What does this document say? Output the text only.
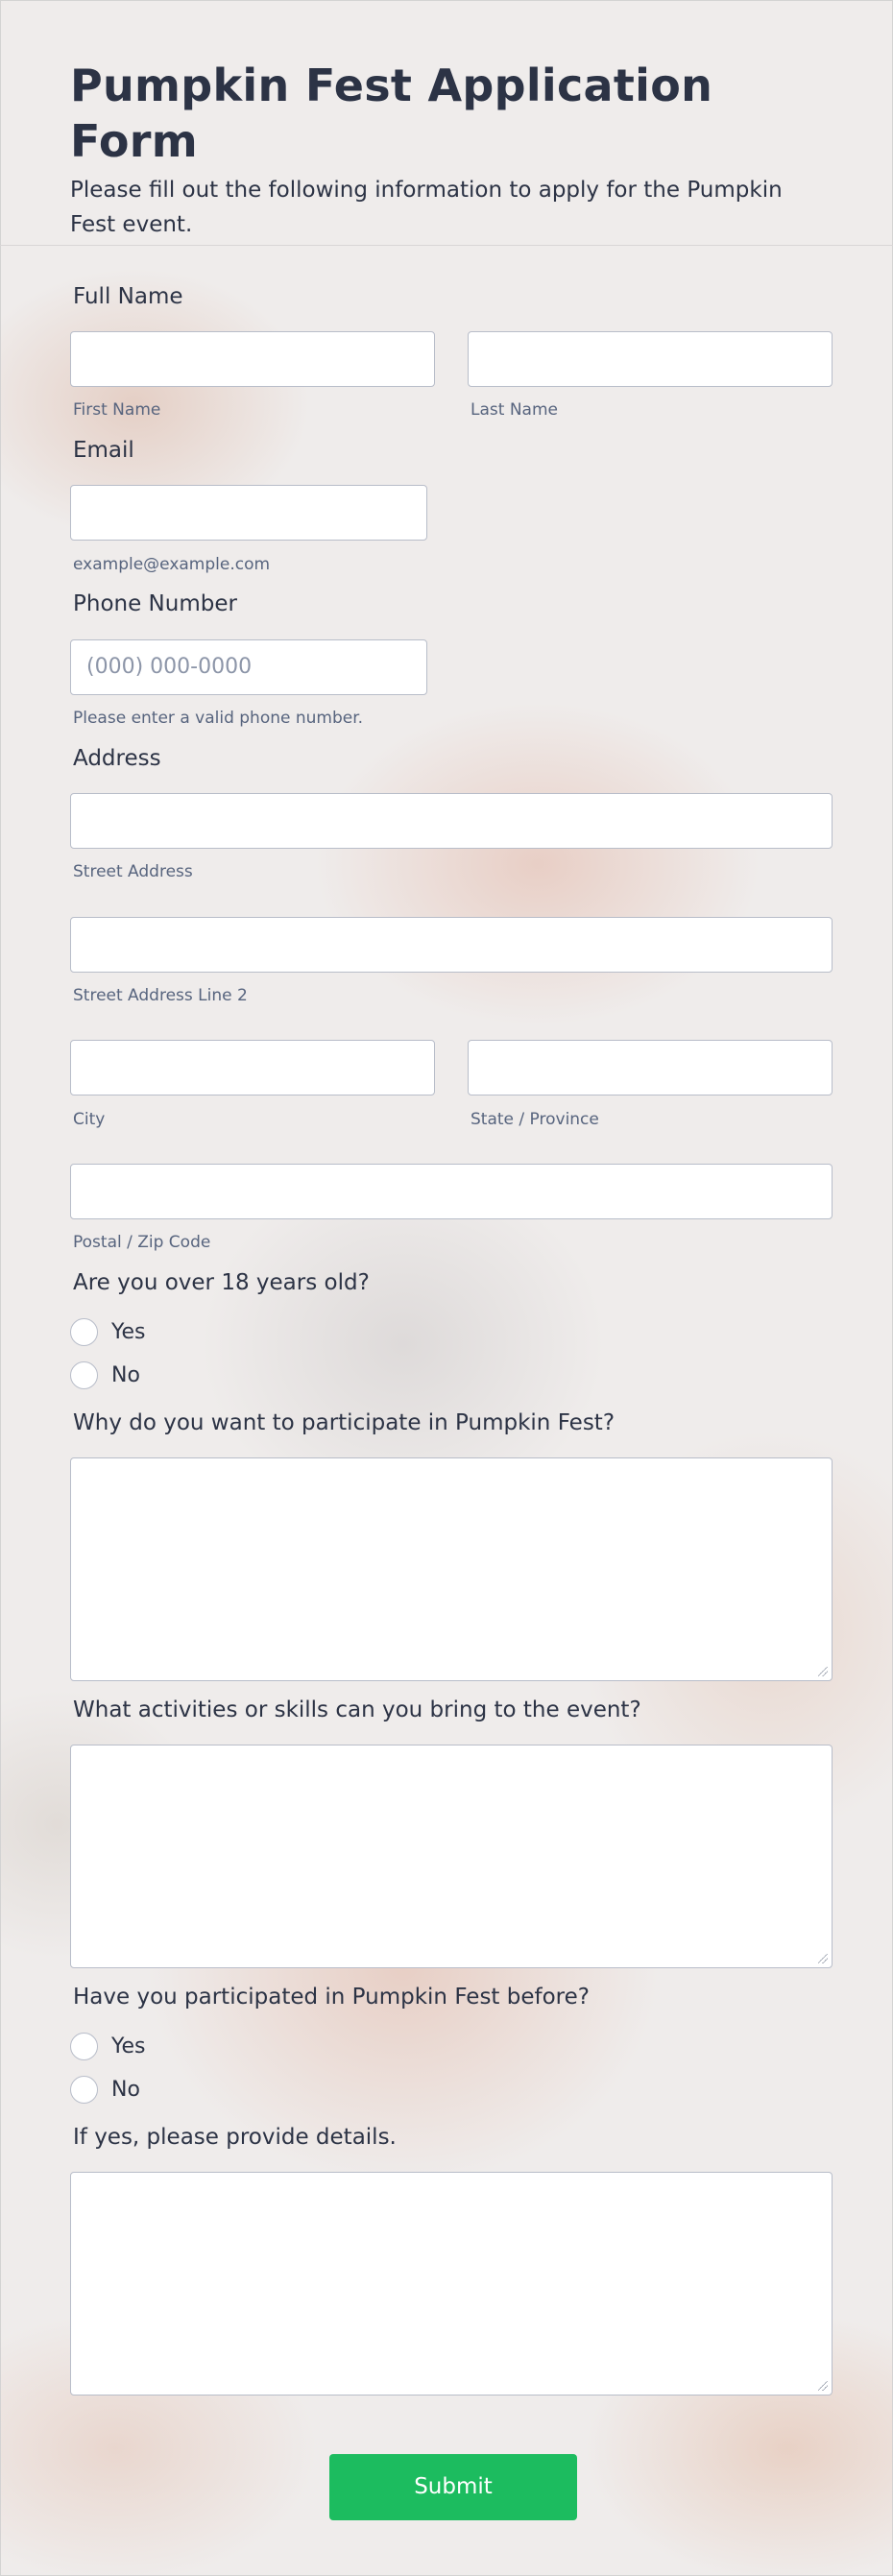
Pumpkin Fest Application Form

Please fill out the following information to apply for the Pumpkin Fest event.

Full Name
First Name	Last Name
Email
example@example.com
Phone Number
(000) 000-0000
Please enter a valid phone number.
Address
Street Address
Street Address Line 2
City	State / Province
Postal / Zip Code
Are you over 18 years old?
Yes
No
Why do you want to participate in Pumpkin Fest?
What activities or skills can you bring to the event?
Have you participated in Pumpkin Fest before?
Yes
No
If yes, please provide details.
Submit
